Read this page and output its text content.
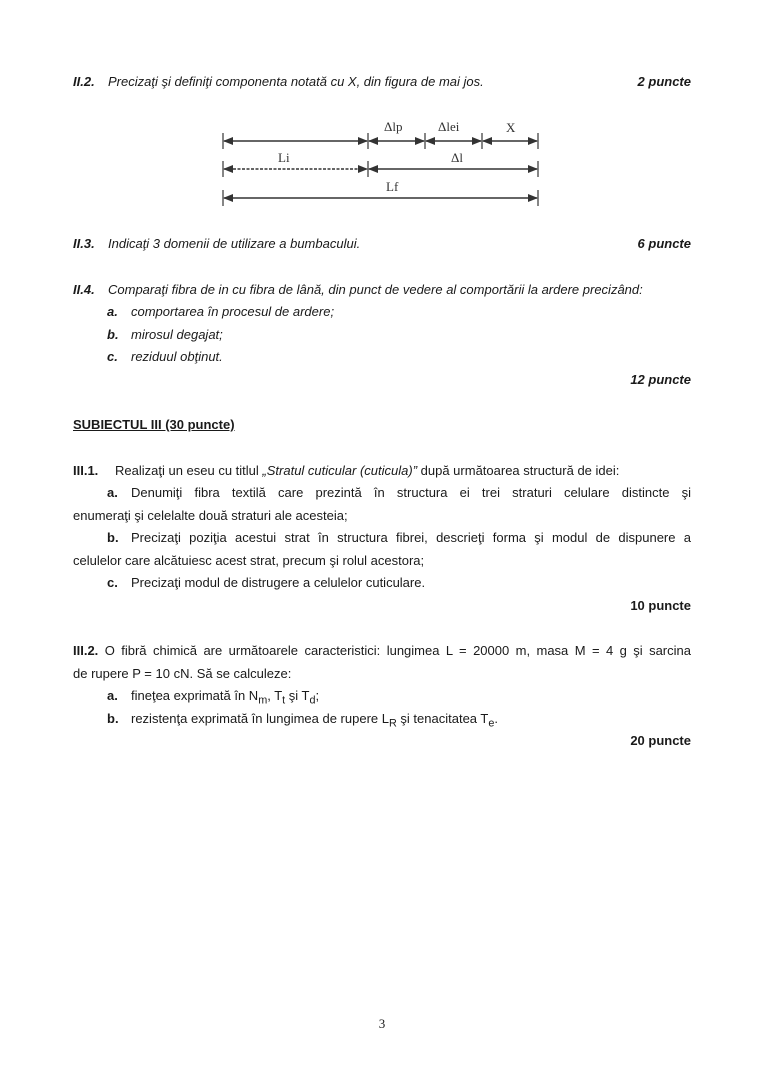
II.2. Precizaţi şi definiţi componenta notată cu X, din figura de mai jos.	2 puncte
Δlp	Δlei	X
Li	Δl
Lf
II.3. Indicaţi 3 domenii de utilizare a bumbacului.	6 puncte
II.4. Comparaţi fibra de in cu fibra de lână, din punct de vedere al comportării la ardere precizând:
a. comportarea în procesul de ardere;
b. mirosul degajat;
c. reziduul obţinut.
12 puncte
SUBIECTUL III (30 puncte)
III.1. Realizaţi un eseu cu titlul „Stratul cuticular (cuticula)” după următoarea structură de idei:
a. Denumiţi fibra textilă care prezintă în structura ei trei straturi celulare distincte şi
enumeraţi şi celelalte două straturi ale acesteia;
b. Precizaţi poziţia acestui strat în structura fibrei, descrieţi forma şi modul de dispunere a
celulelor care alcătuiesc acest strat, precum şi rolul acestora;
c. Precizaţi modul de distrugere a celulelor cuticulare.
10 puncte
III.2. O fibră chimică are următoarele caracteristici: lungimea L = 20000 m, masa M = 4 g şi sarcina
de rupere P = 10 cN. Să se calculeze:
a. fineţea exprimată în $N_m$, $T_t$ şi $T_d$;
b. rezistenţa exprimată în lungimea de rupere $L_R$ şi tenacitatea $T_e$.
20 puncte
3
